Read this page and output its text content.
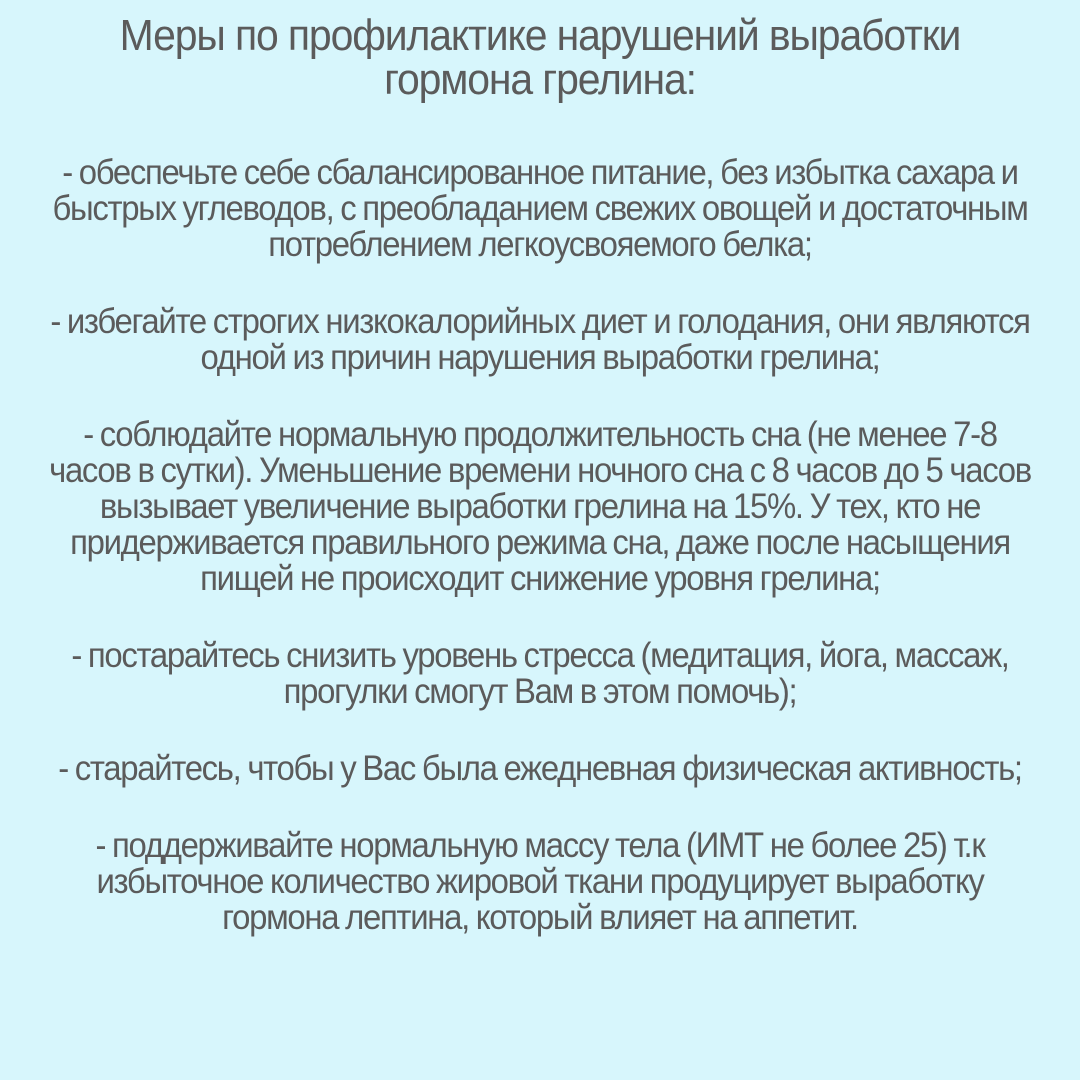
Меры по профилактике нарушений выработки гормона грелина:

- обеспечьте себе сбалансированное питание, без избытка сахара и быстрых углеводов, с преобладанием свежих овощей и достаточным потреблением легкоусвояемого белка;

- избегайте строгих низкокалорийных диет и голодания, они являются одной из причин нарушения выработки грелина;

- соблюдайте нормальную продолжительность сна (не менее 7-8 часов в сутки). Уменьшение времени ночного сна с 8 часов до 5 часов вызывает увеличение выработки грелина на 15%. У тех, кто не придерживается правильного режима сна, даже после насыщения пищей не происходит снижение уровня грелина;

- постарайтесь снизить уровень стресса (медитация, йога, массаж, прогулки смогут Вам в этом помочь);

- старайтесь, чтобы у Вас была ежедневная физическая активность;

- поддерживайте нормальную массу тела (ИМТ не более 25) т.к избыточное количество жировой ткани продуцирует выработку гормона лептина, который влияет на аппетит.
